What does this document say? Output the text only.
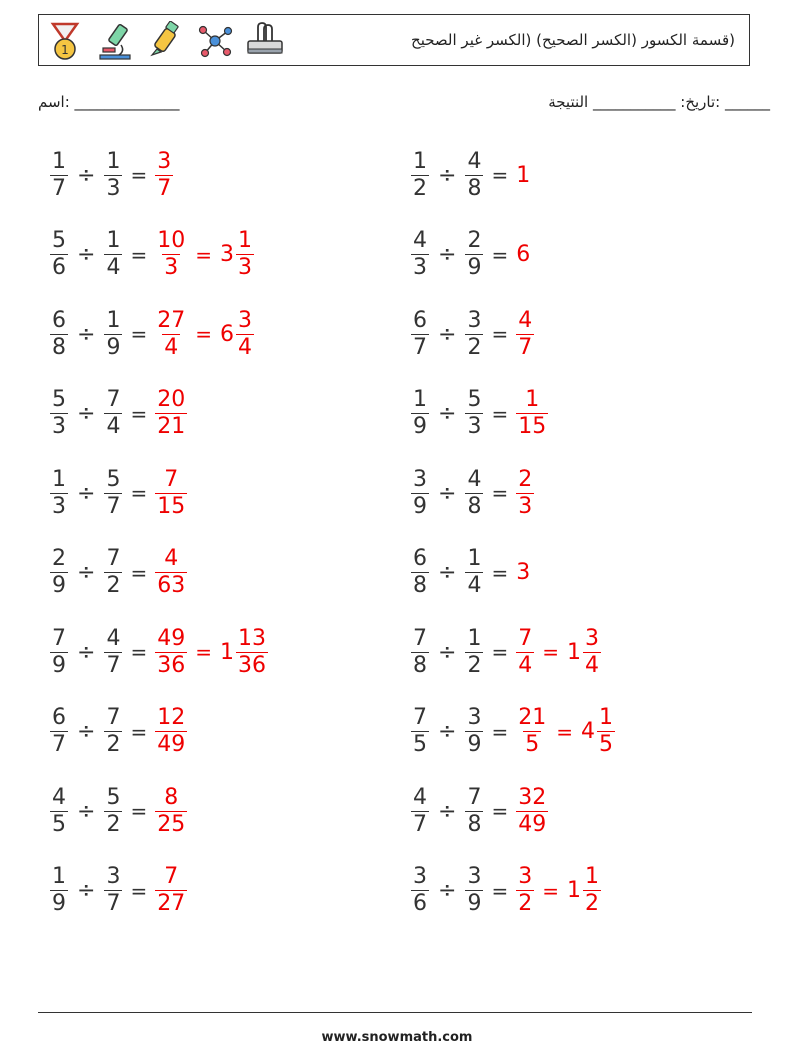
1
(قسمة الكسور (الكسر الصحيح) (الكسر غير الصحيح
______ :تاريخ: ___________ النتيجة
اسم: ______________
$\frac{1}{7} \div \frac{1}{3} = \frac{3}{7}$	$\frac{1}{2} \div \frac{4}{8} = 1$
$\frac{5}{6} \div \frac{1}{4} = \frac{10}{3} = 3 \frac{1}{3}$	$\frac{4}{3} \div \frac{2}{9} = 6$
$\frac{6}{8} \div \frac{1}{9} = \frac{27}{4} = 6 \frac{3}{4}$	$\frac{6}{7} \div \frac{3}{2} = \frac{4}{7}$
$\frac{5}{3} \div \frac{7}{4} = \frac{20}{21}$	$\frac{1}{9} \div \frac{5}{3} = \frac{1}{15}$
$\frac{1}{3} \div \frac{5}{7} = \frac{7}{15}$	$\frac{3}{9} \div \frac{4}{8} = \frac{2}{3}$
$\frac{2}{9} \div \frac{7}{2} = \frac{4}{63}$	$\frac{6}{8} \div \frac{1}{4} = 3$
$\frac{7}{9} \div \frac{4}{7} = \frac{49}{36} = 1 \frac{13}{36}$	$\frac{7}{8} \div \frac{1}{2} = \frac{7}{4} = 1 \frac{3}{4}$
$\frac{6}{7} \div \frac{7}{2} = \frac{12}{49}$	$\frac{7}{5} \div \frac{3}{9} = \frac{21}{5} = 4 \frac{1}{5}$
$\frac{4}{5} \div \frac{5}{2} = \frac{8}{25}$	$\frac{4}{7} \div \frac{7}{8} = \frac{32}{49}$
$\frac{1}{9} \div \frac{3}{7} = \frac{7}{27}$	$\frac{3}{6} \div \frac{3}{9} = \frac{3}{2} = 1 \frac{1}{2}$
www.snowmath.com
